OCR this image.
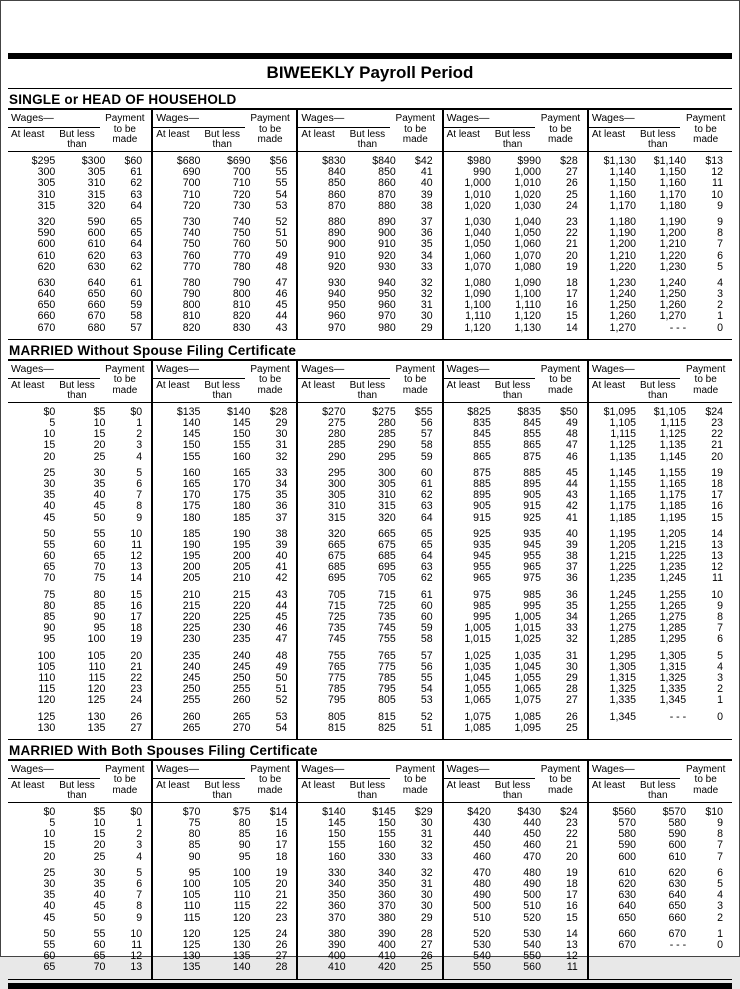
BIWEEKLY Payroll Period
SINGLE or HEAD OF HOUSEHOLD
Wages—	Payment
to be
made
At least	But less
than
$295	$300	$60
300	305	61
305	310	62
310	315	63
315	320	64
320	590	65
590	600	65
600	610	64
610	620	63
620	630	62
630	640	61
640	650	60
650	660	59
660	670	58
670	680	57
Wages—	Payment
to be
made
At least	But less
than
$680	$690	$56
690	700	55
700	710	55
710	720	54
720	730	53
730	740	52
740	750	51
750	760	50
760	770	49
770	780	48
780	790	47
790	800	46
800	810	45
810	820	44
820	830	43
Wages—	Payment
to be
made
At least	But less
than
$830	$840	$42
840	850	41
850	860	40
860	870	39
870	880	38
880	890	37
890	900	36
900	910	35
910	920	34
920	930	33
930	940	32
940	950	32
950	960	31
960	970	30
970	980	29
Wages—	Payment
to be
made
At least	But less
than
$980	$990	$28
990	1,000	27
1,000	1,010	26
1,010	1,020	25
1,020	1,030	24
1,030	1,040	23
1,040	1,050	22
1,050	1,060	21
1,060	1,070	20
1,070	1,080	19
1,080	1,090	18
1,090	1,100	17
1,100	1,110	16
1,110	1,120	15
1,120	1,130	14
Wages—	Payment
to be
made
At least	But less
than
$1,130	$1,140	$13
1,140	1,150	12
1,150	1,160	11
1,160	1,170	10
1,170	1,180	9
1,180	1,190	9
1,190	1,200	8
1,200	1,210	7
1,210	1,220	6
1,220	1,230	5
1,230	1,240	4
1,240	1,250	3
1,250	1,260	2
1,260	1,270	1
1,270	- - -	0
MARRIED Without Spouse Filing Certificate
Wages—	Payment
to be
made
At least	But less
than
$0	$5	$0
5	10	1
10	15	2
15	20	3
20	25	4
25	30	5
30	35	6
35	40	7
40	45	8
45	50	9
50	55	10
55	60	11
60	65	12
65	70	13
70	75	14
75	80	15
80	85	16
85	90	17
90	95	18
95	100	19
100	105	20
105	110	21
110	115	22
115	120	23
120	125	24
125	130	26
130	135	27
Wages—	Payment
to be
made
At least	But less
than
$135	$140	$28
140	145	29
145	150	30
150	155	31
155	160	32
160	165	33
165	170	34
170	175	35
175	180	36
180	185	37
185	190	38
190	195	39
195	200	40
200	205	41
205	210	42
210	215	43
215	220	44
220	225	45
225	230	46
230	235	47
235	240	48
240	245	49
245	250	50
250	255	51
255	260	52
260	265	53
265	270	54
Wages—	Payment
to be
made
At least	But less
than
$270	$275	$55
275	280	56
280	285	57
285	290	58
290	295	59
295	300	60
300	305	61
305	310	62
310	315	63
315	320	64
320	665	65
665	675	65
675	685	64
685	695	63
695	705	62
705	715	61
715	725	60
725	735	60
735	745	59
745	755	58
755	765	57
765	775	56
775	785	55
785	795	54
795	805	53
805	815	52
815	825	51
Wages—	Payment
to be
made
At least	But less
than
$825	$835	$50
835	845	49
845	855	48
855	865	47
865	875	46
875	885	45
885	895	44
895	905	43
905	915	42
915	925	41
925	935	40
935	945	39
945	955	38
955	965	37
965	975	36
975	985	36
985	995	35
995	1,005	34
1,005	1,015	33
1,015	1,025	32
1,025	1,035	31
1,035	1,045	30
1,045	1,055	29
1,055	1,065	28
1,065	1,075	27
1,075	1,085	26
1,085	1,095	25
Wages—	Payment
to be
made
At least	But less
than
$1,095	$1,105	$24
1,105	1,115	23
1,115	1,125	22
1,125	1,135	21
1,135	1,145	20
1,145	1,155	19
1,155	1,165	18
1,165	1,175	17
1,175	1,185	16
1,185	1,195	15
1,195	1,205	14
1,205	1,215	13
1,215	1,225	13
1,225	1,235	12
1,235	1,245	11
1,245	1,255	10
1,255	1,265	9
1,265	1,275	8
1,275	1,285	7
1,285	1,295	6
1,295	1,305	5
1,305	1,315	4
1,315	1,325	3
1,325	1,335	2
1,335	1,345	1
1,345	- - -	0
MARRIED With Both Spouses Filing Certificate
Wages—	Payment
to be
made
At least	But less
than
$0	$5	$0
5	10	1
10	15	2
15	20	3
20	25	4
25	30	5
30	35	6
35	40	7
40	45	8
45	50	9
50	55	10
55	60	11
60	65	12
65	70	13
Wages—	Payment
to be
made
At least	But less
than
$70	$75	$14
75	80	15
80	85	16
85	90	17
90	95	18
95	100	19
100	105	20
105	110	21
110	115	22
115	120	23
120	125	24
125	130	26
130	135	27
135	140	28
Wages—	Payment
to be
made
At least	But less
than
$140	$145	$29
145	150	30
150	155	31
155	160	32
160	330	33
330	340	32
340	350	31
350	360	30
360	370	30
370	380	29
380	390	28
390	400	27
400	410	26
410	420	25
Wages—	Payment
to be
made
At least	But less
than
$420	$430	$24
430	440	23
440	450	22
450	460	21
460	470	20
470	480	19
480	490	18
490	500	17
500	510	16
510	520	15
520	530	14
530	540	13
540	550	12
550	560	11
Wages—	Payment
to be
made
At least	But less
than
$560	$570	$10
570	580	9
580	590	8
590	600	7
600	610	7
610	620	6
620	630	5
630	640	4
640	650	3
650	660	2
660	670	1
670	- - -	0
